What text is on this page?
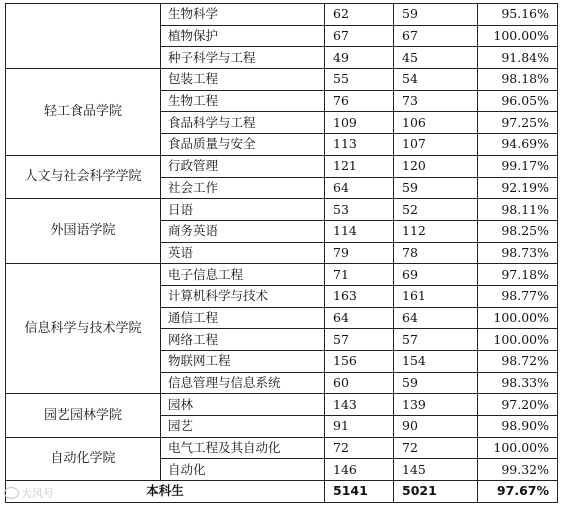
	生物科学	62	59	95.16%
	植物保护	67	67	100.00%
	种子科学与工程	49	45	91.84%
轻工食品学院	包装工程	55	54	98.18%
	生物工程	76	73	96.05%
	食品科学与工程	109	106	97.25%
	食品质量与安全	113	107	94.69%
人文与社会科学学院	行政管理	121	120	99.17%
	社会工作	64	59	92.19%
外国语学院	日语	53	52	98.11%
	商务英语	114	112	98.25%
	英语	79	78	98.73%
信息科学与技术学院	电子信息工程	71	69	97.18%
	计算机科学与技术	163	161	98.77%
	通信工程	64	64	100.00%
	网络工程	57	57	100.00%
	物联网工程	156	154	98.72%
	信息管理与信息系统	60	59	98.33%
园艺园林学院	园林	143	139	97.20%
	园艺	91	90	98.90%
自动化学院	电气工程及其自动化	72	72	100.00%
	自动化	146	145	99.32%
本科生		5141	5021	97.67%
大风号
